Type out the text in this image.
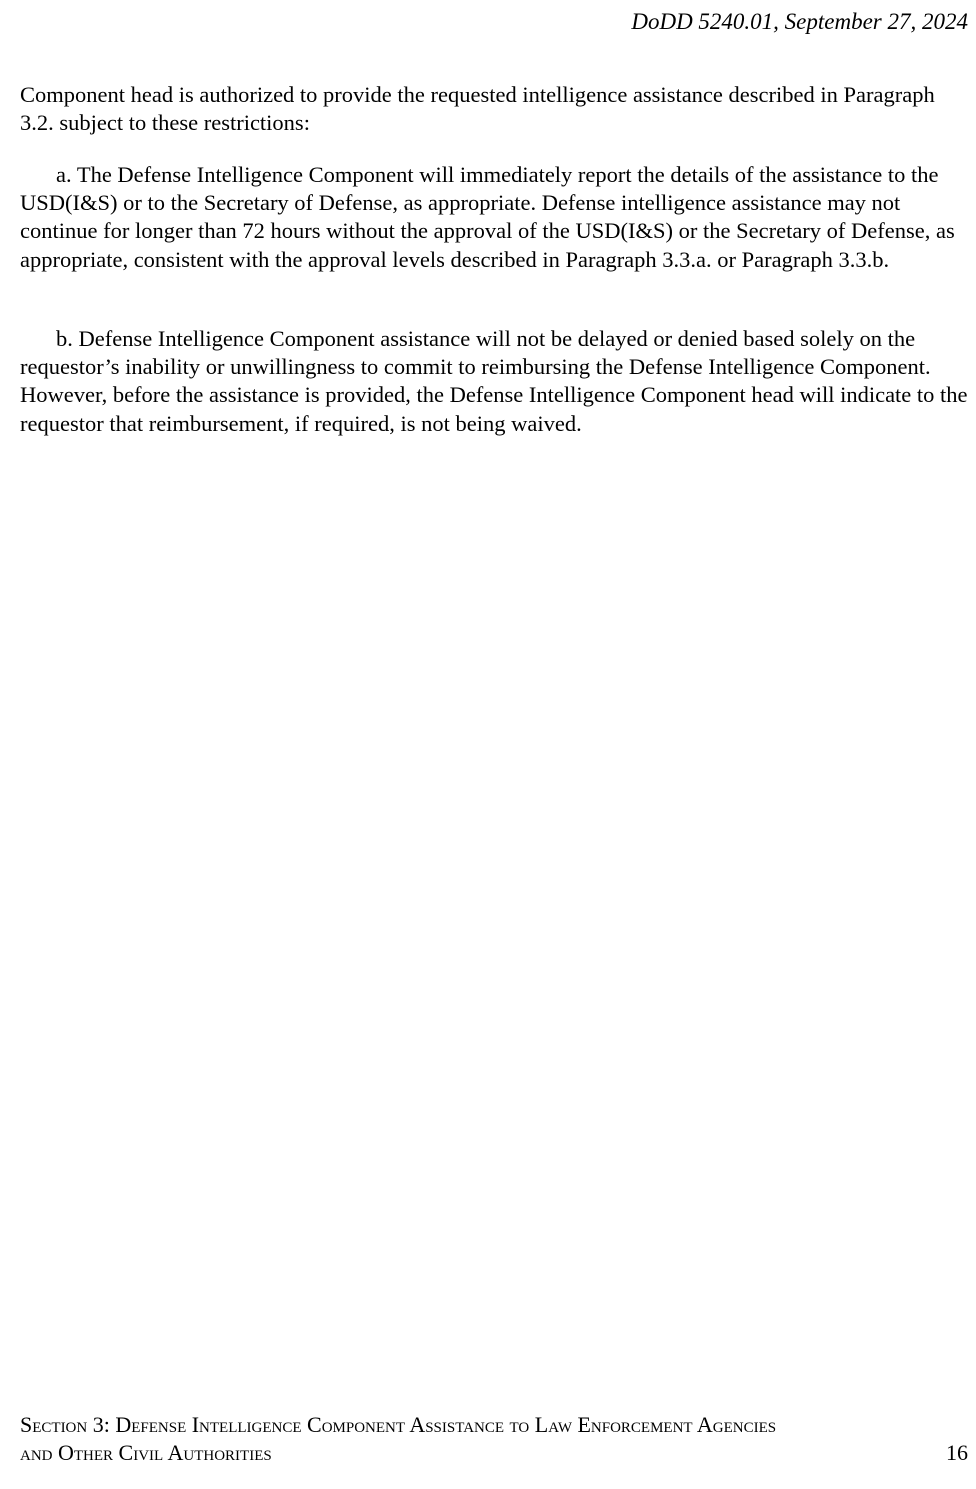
DoDD 5240.01, September 27, 2024

Component head is authorized to provide the requested intelligence assistance described in Paragraph 3.2. subject to these restrictions:

a. The Defense Intelligence Component will immediately report the details of the assistance to the USD(I&S) or to the Secretary of Defense, as appropriate. Defense intelligence assistance may not continue for longer than 72 hours without the approval of the USD(I&S) or the Secretary of Defense, as appropriate, consistent with the approval levels described in Paragraph 3.3.a. or Paragraph 3.3.b.

b. Defense Intelligence Component assistance will not be delayed or denied based solely on the requestor’s inability or unwillingness to commit to reimbursing the Defense Intelligence Component. However, before the assistance is provided, the Defense Intelligence Component head will indicate to the requestor that reimbursement, if required, is not being waived.

Section 3: Defense Intelligence Component Assistance to Law Enforcement Agencies
and Other Civil Authorities	16
